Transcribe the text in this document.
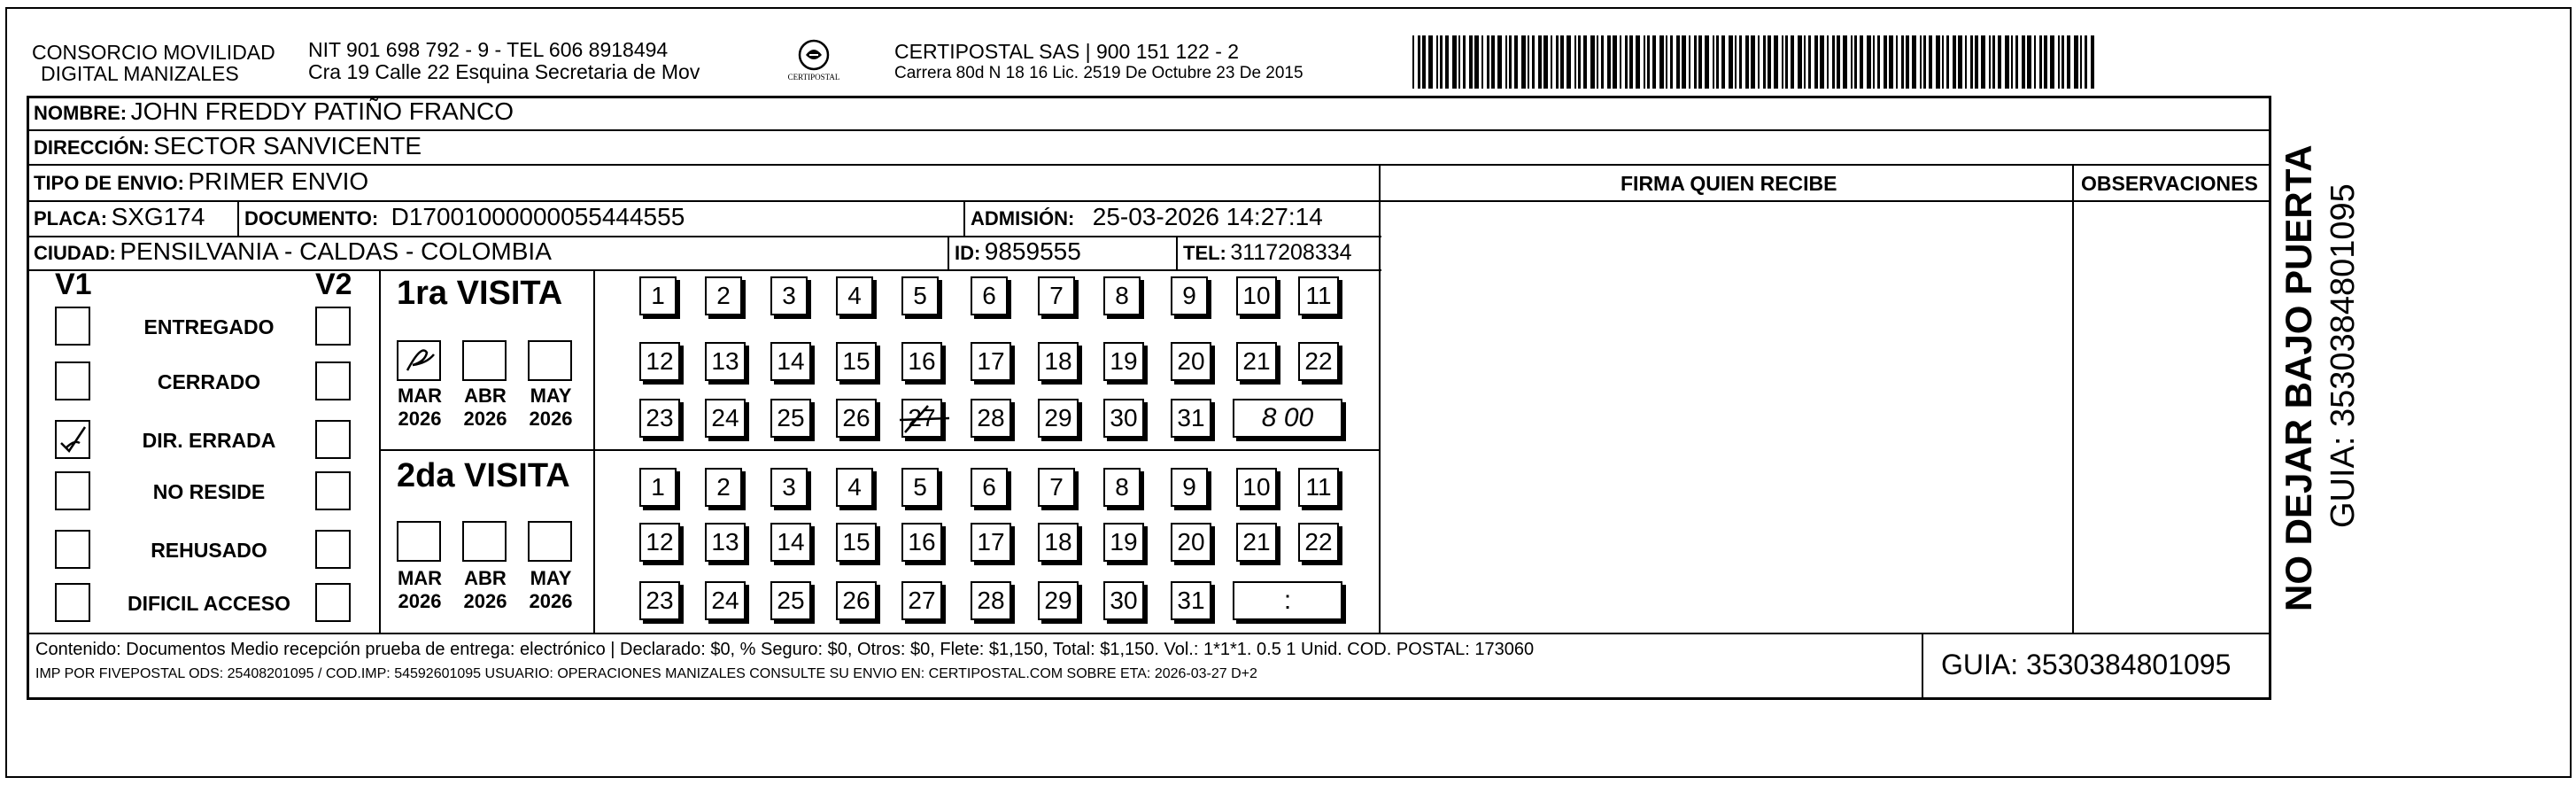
CONSORCIO MOVILIDAD
DIGITAL MANIZALES
NIT 901 698 792 - 9 - TEL 606 8918494
Cra 19 Calle 22 Esquina Secretaria de Mov	CERTIPOSTAL
CERTIPOSTAL SAS | 900 151 122 - 2
Carrera 80d N 18 16 Lic. 2519 De Octubre 23 De 2015
NOMBRE: JOHN FREDDY PATIÑO FRANCO
DIRECCIÓN: SECTOR SANVICENTE
TIPO DE ENVIO: PRIMER ENVIO	FIRMA QUIEN RECIBE	OBSERVACIONES
PLACA: SXG174 DOCUMENTO: D17001000000055444555	ADMISIÓN: 25-03-2026 14:27:14
CIUDAD: PENSILVANIA - CALDAS - COLOMBIA	ID: 9859555	TEL: 3117208334
V1	V2
ENTREGADO
CERRADO
DIR. ERRADA
NO RESIDE
REHUSADO
DIFICIL ACCESO
1ra VISITA
2da VISITA
MAR
2026
ABR
2026
MAY
2026
MAR
2026
ABR
2026
MAY
2026
1	2	3	4	5	6	7	8	9	10	11
12 13 14 15 16 17 18 19 20 21 22
23 24 25 26 27 28 29 30 31	8 00
1	2	3	4	5	6	7	8	9	10	11
12 13 14 15 16 17 18 19 20 21 22
23 24 25 26 27 28 29 30 31	:
Contenido: Documentos Medio recepción prueba de entrega: electrónico | Declarado: $0, % Seguro: $0, Otros: $0, Flete: $1,150, Total: $1,150. Vol.: 1*1*1. 0.5 1 Unid. COD. POSTAL: 173060
IMP POR FIVEPOSTAL ODS: 25408201095 / COD.IMP: 54592601095 USUARIO: OPERACIONES MANIZALES CONSULTE SU ENVIO EN: CERTIPOSTAL.COM SOBRE ETA: 2026-03-27 D+2	GUIA: 3530384801095
NO DEJAR BAJO PUERTA GUIA: 3530384801095
